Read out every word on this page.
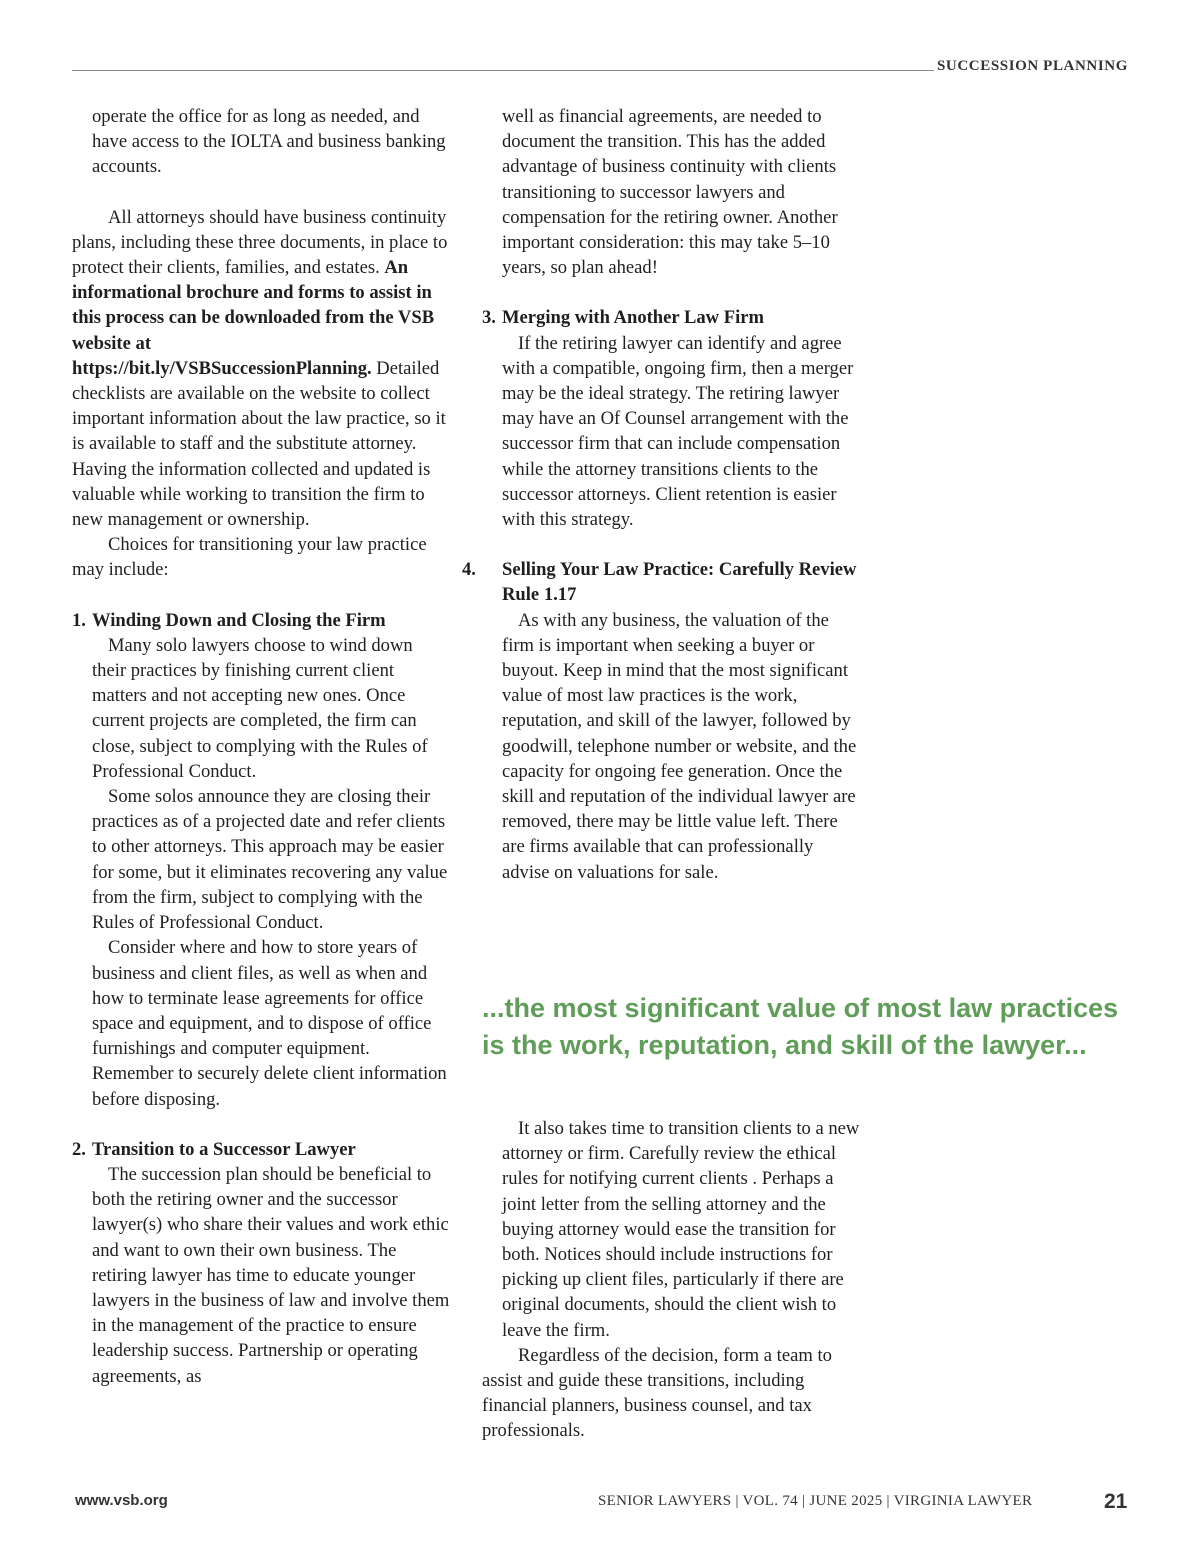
SUCCESSION PLANNING

operate the office for as long as needed, and have access to the IOLTA and business banking accounts.

All attorneys should have business continuity plans, including these three documents, in place to protect their clients, families, and estates. An informational brochure and forms to assist in this process can be downloaded from the VSB website at https://bit.ly/VSBSuccessionPlanning. Detailed checklists are available on the website to collect important information about the law practice, so it is available to staff and the substitute attorney. Having the information collected and updated is valuable while working to transition the firm to new management or ownership.

Choices for transitioning your law practice may include:

1. Winding Down and Closing the Firm

Many solo lawyers choose to wind down their practices by finishing current client matters and not accepting new ones. Once current projects are completed, the firm can close, subject to complying with the Rules of Professional Conduct.

Some solos announce they are closing their practices as of a projected date and refer clients to other attorneys. This approach may be easier for some, but it eliminates recovering any value from the firm, subject to complying with the Rules of Professional Conduct.

Consider where and how to store years of business and client files, as well as when and how to terminate lease agreements for office space and equipment, and to dispose of office furnishings and computer equipment. Remember to securely delete client information before disposing.

2. Transition to a Successor Lawyer

The succession plan should be beneficial to both the retiring owner and the successor lawyer(s) who share their values and work ethic and want to own their own business. The retiring lawyer has time to educate younger lawyers in the business of law and involve them in the management of the practice to ensure leadership success. Partnership or operating agreements, as

well as financial agreements, are needed to document the transition. This has the added advantage of business continuity with clients transitioning to successor lawyers and compensation for the retiring owner. Another important consideration: this may take 5–10 years, so plan ahead!

3. Merging with Another Law Firm

If the retiring lawyer can identify and agree with a compatible, ongoing firm, then a merger may be the ideal strategy. The retiring lawyer may have an Of Counsel arrangement with the successor firm that can include compensation while the attorney transitions clients to the successor attorneys. Client retention is easier with this strategy.

4. Selling Your Law Practice: Carefully Review Rule 1.17

As with any business, the valuation of the firm is important when seeking a buyer or buyout. Keep in mind that the most significant value of most law practices is the work, reputation, and skill of the lawyer, followed by goodwill, telephone number or website, and the capacity for ongoing fee generation. Once the skill and reputation of the individual lawyer are removed, there may be little value left. There are firms available that can professionally advise on valuations for sale.

...the most significant value of most law practices is the work, reputation, and skill of the lawyer...

It also takes time to transition clients to a new attorney or firm. Carefully review the ethical rules for notifying current clients . Perhaps a joint letter from the selling attorney and the buying attorney would ease the transition for both. Notices should include instructions for picking up client files, particularly if there are original documents, should the client wish to leave the firm.

Regardless of the decision, form a team to assist and guide these transitions, including financial planners, business counsel, and tax professionals.

www.vsb.org	SENIOR LAWYERS | VOL. 74 | JUNE 2025 | VIRGINIA LAWYER	21
